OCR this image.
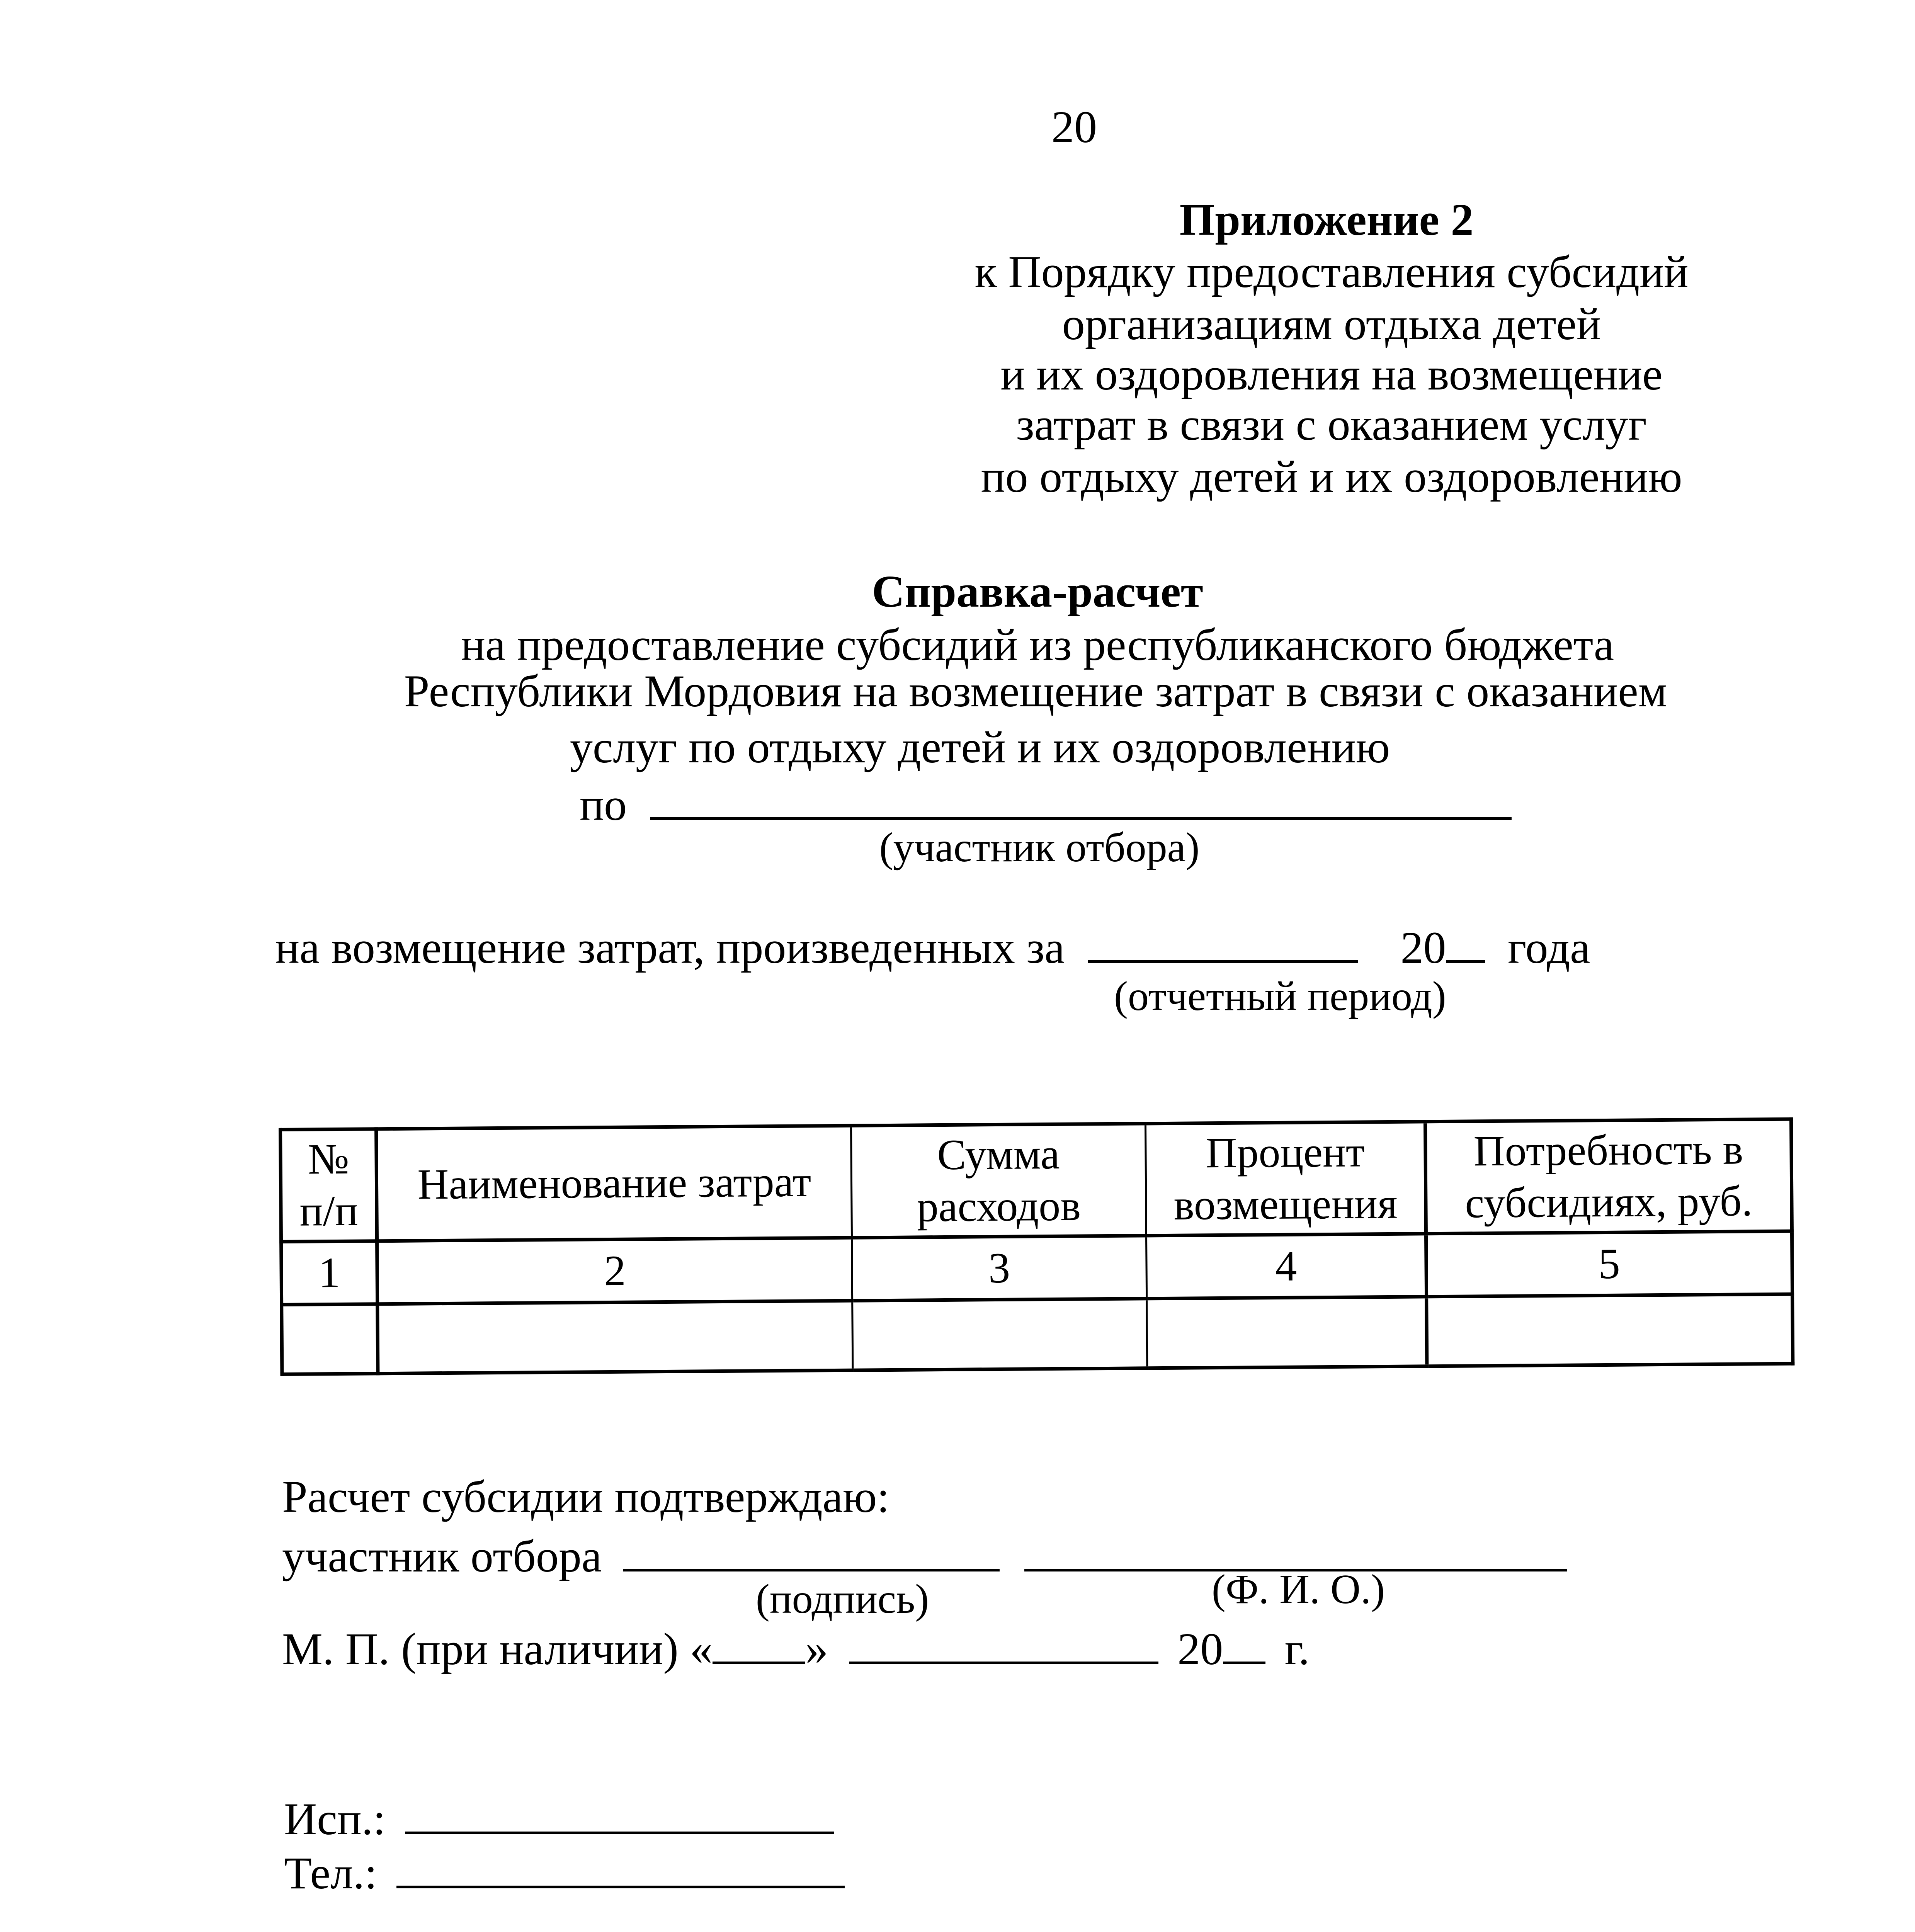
20
Приложение 2
к Порядку предоставления субсидий
организациям отдыха детей
и их оздоровления на возмещение
затрат в связи с оказанием услуг
по отдыху детей и их оздоровлению
Справка-расчет
на предоставление субсидий из республиканского бюджета
Республики Мордовия на возмещение затрат в связи с оказанием
услуг по отдыху детей и их оздоровлению
по
(участник отбора)
на возмещение затрат, произведенных за	20 года
(отчетный период)
№ п/п	Наименование затрат	Сумма расходов	Процент возмещения	Потребность в субсидиях, руб.
1	2	3	4	5

Расчет субсидии подтверждаю:
участник отбора
(подпись)	(Ф. И. О.)
М. П. (при наличии) « »	20 г.
Исп.:
Тел.:
